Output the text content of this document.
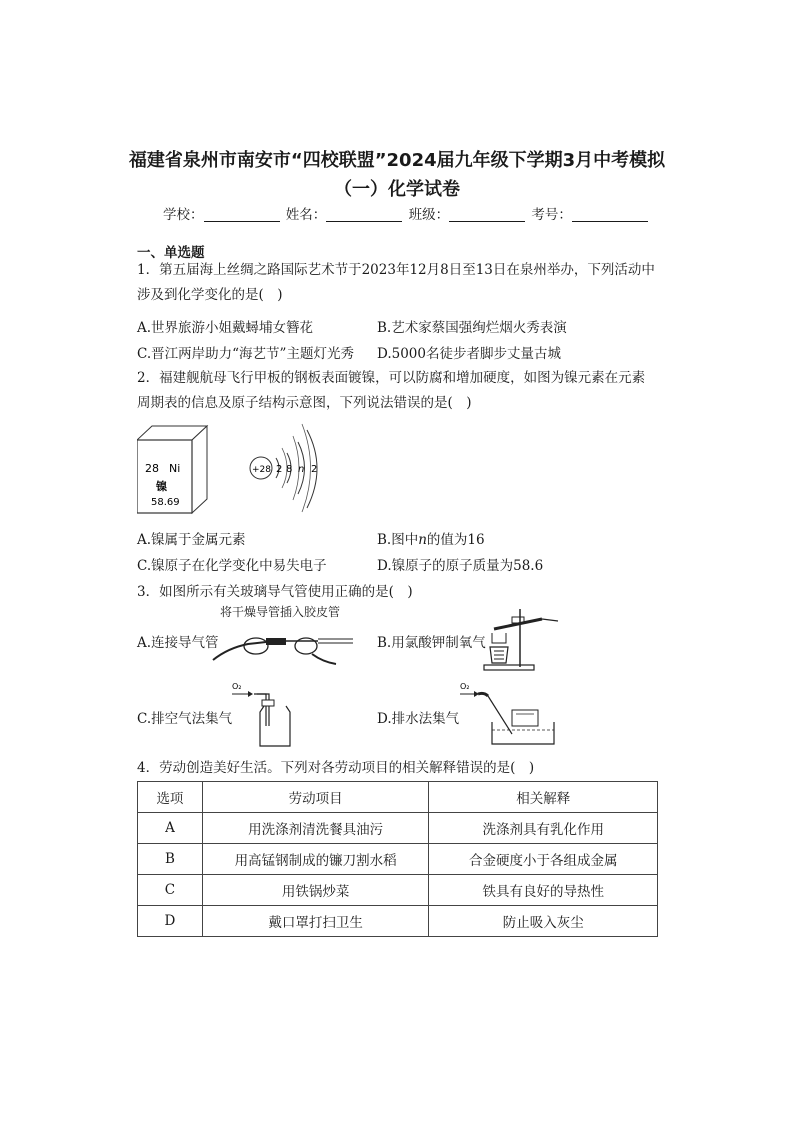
福建省泉州市南安市“四校联盟”2024届九年级下学期3月中考模拟
（一）化学试卷
学校：	姓名：	班级：	考号：
一、单选题
1．第五届海上丝绸之路国际艺术节于2023年12月8日至13日在泉州举办，下列活动中涉及到化学变化的是(　)
A.世界旅游小姐戴蟳埔女簪花	B.艺术家蔡国强绚烂烟火秀表演
C.晋江两岸助力“海艺节”主题灯光秀 D.5000名徒步者脚步丈量古城
2．福建舰航母飞行甲板的钢板表面镀镍，可以防腐和增加硬度，如图为镍元素在元素周期表的信息及原子结构示意图，下列说法错误的是(　)
28 Ni
镍
58.69
+28 2 8 n 2
A.镍属于金属元素	B.图中n的值为16
C.镍原子在化学变化中易失电子	D.镍原子的原子质量为58.6
3．如图所示有关玻璃导气管使用正确的是(　)
将干燥导管插入胶皮管
A.连接导气管	B.用氯酸钾制氧气
O₂
C.排空气法集气
O₂
D.排水法集气
4．劳动创造美好生活。下列对各劳动项目的相关解释错误的是(　)
选项	劳动项目	相关解释
A	用洗涤剂清洗餐具油污	洗涤剂具有乳化作用
B	用高锰钢制成的镰刀割水稻	合金硬度小于各组成金属
C	用铁锅炒菜	铁具有良好的导热性
D	戴口罩打扫卫生	防止吸入灰尘
